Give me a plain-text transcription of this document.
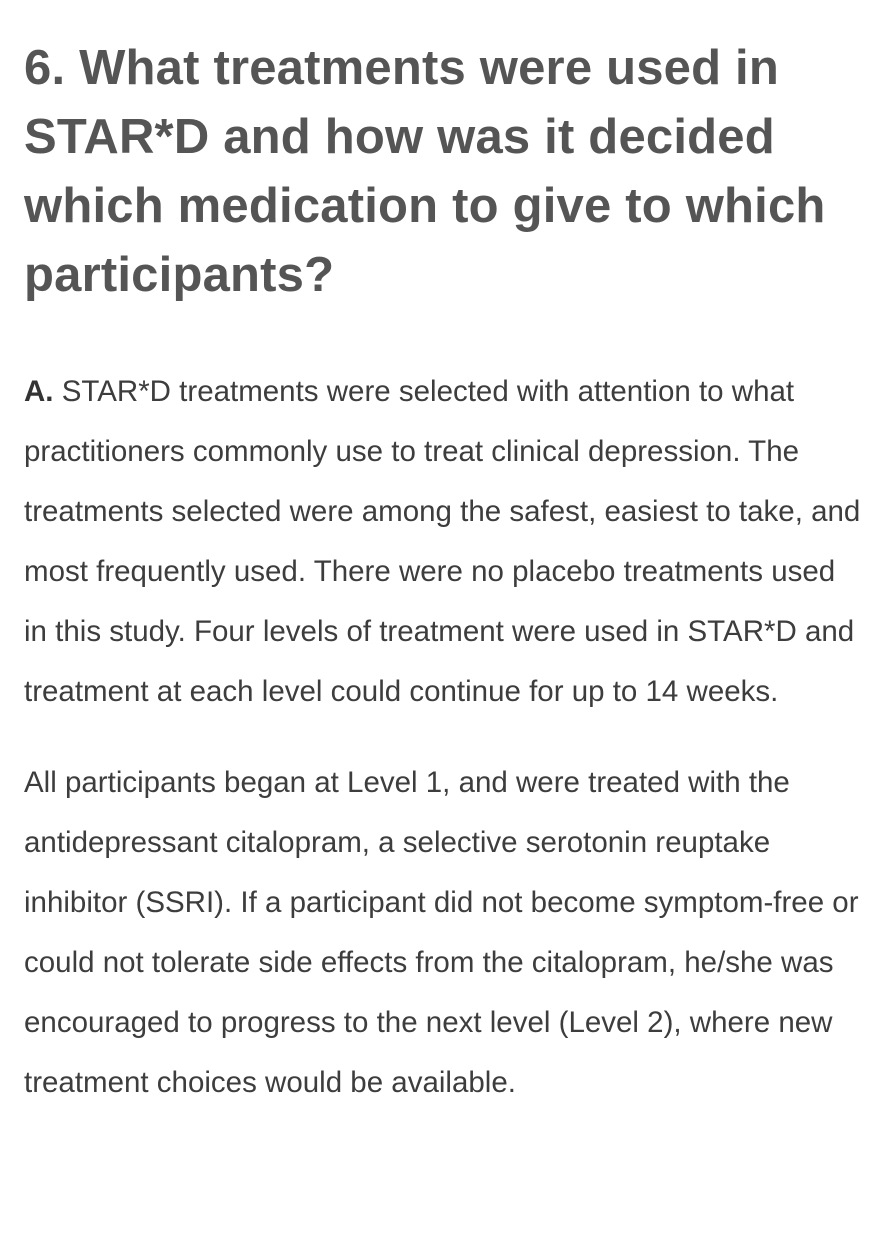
6. What treatments were used in STAR*D and how was it decided which medication to give to which participants?

A. STAR*D treatments were selected with attention to what practitioners commonly use to treat clinical depression. The treatments selected were among the safest, easiest to take, and most frequently used. There were no placebo treatments used in this study. Four levels of treatment were used in STAR*D and treatment at each level could continue for up to 14 weeks.

All participants began at Level 1, and were treated with the antidepressant citalopram, a selective serotonin reuptake inhibitor (SSRI). If a participant did not become symptom-free or could not tolerate side effects from the citalopram, he/she was encouraged to progress to the next level (Level 2), where new treatment choices would be available.
